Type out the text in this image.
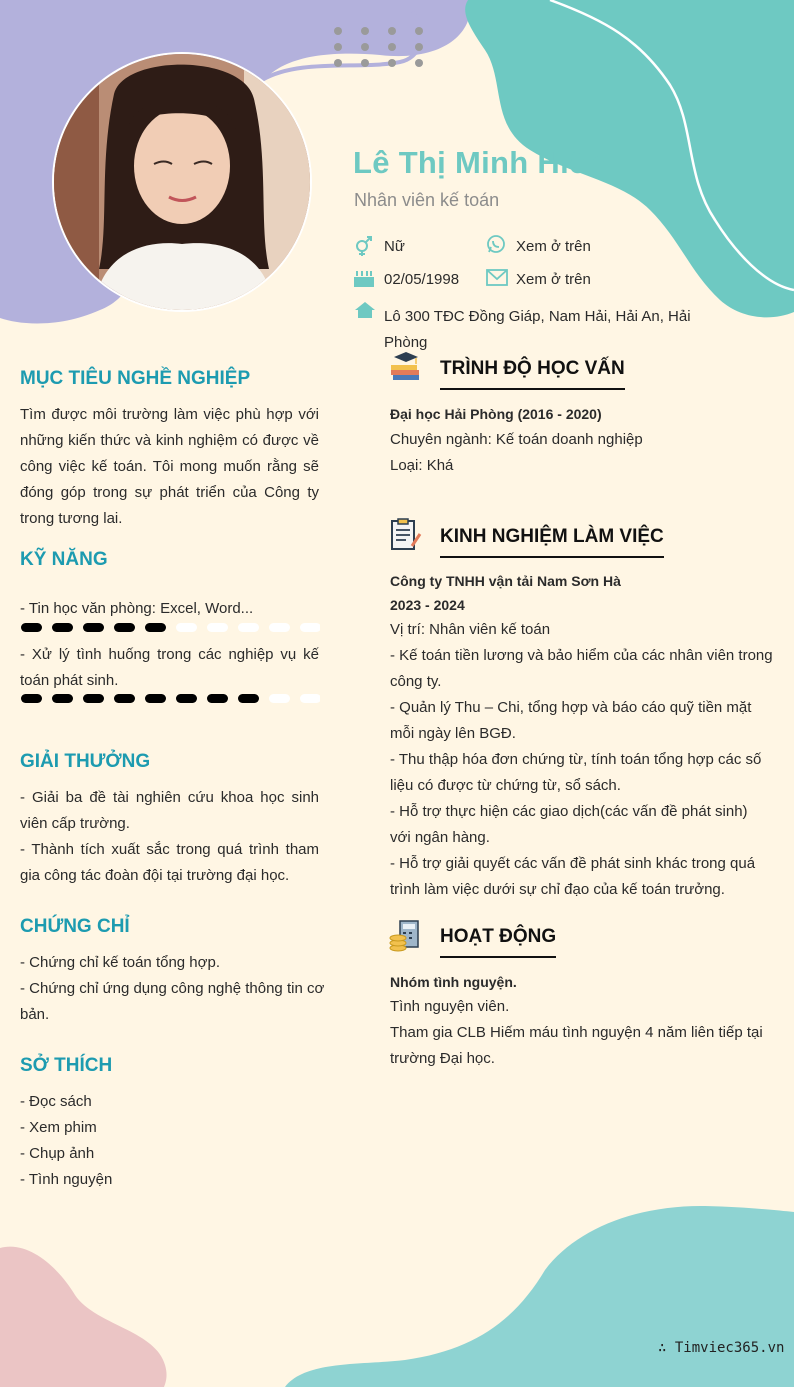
Lê Thị Minh Hiền
Nhân viên kế toán
Nữ	Xem ở trên
02/05/1998	Xem ở trên
Lô 300 TĐC Đồng Giáp, Nam Hải, Hải An, Hải
Phòng
MỤC TIÊU NGHỀ NGHIỆP
Tìm được môi trường làm việc phù hợp với
những kiến thức và kinh nghiệm có được về
công việc kế toán. Tôi mong muốn rằng sẽ
đóng góp trong sự phát triển của Công ty
trong tương lai.
KỸ NĂNG
- Tin học văn phòng: Excel, Word...
- Xử lý tình huống trong các nghiệp vụ kế
toán phát sinh.
GIẢI THƯỞNG
- Giải ba đề tài nghiên cứu khoa học sinh
viên cấp trường.
- Thành tích xuất sắc trong quá trình tham
gia công tác đoàn đội tại trường đại học.
CHỨNG CHỈ
- Chứng chỉ kế toán tổng hợp.
- Chứng chỉ ứng dụng công nghệ thông tin cơ
bản.
SỞ THÍCH
- Đọc sách
- Xem phim
- Chụp ảnh
- Tình nguyện
TRÌNH ĐỘ HỌC VẤN
Đại học Hải Phòng (2016 - 2020)
Chuyên ngành: Kế toán doanh nghiệp
Loại: Khá
KINH NGHIỆM LÀM VIỆC
Công ty TNHH vận tải Nam Sơn Hà
2023 - 2024
Vị trí: Nhân viên kế toán
- Kế toán tiền lương và bảo hiểm của các nhân viên trong
công ty.
- Quản lý Thu – Chi, tổng hợp và báo cáo quỹ tiền mặt
mỗi ngày lên BGĐ.
- Thu thập hóa đơn chứng từ, tính toán tổng hợp các số
liệu có được từ chứng từ, sổ sách.
- Hỗ trợ thực hiện các giao dịch(các vấn đề phát sinh)
với ngân hàng.
- Hỗ trợ giải quyết các vấn đề phát sinh khác trong quá
trình làm việc dưới sự chỉ đạo của kế toán trưởng.
HOẠT ĐỘNG
Nhóm tình nguyện.
Tình nguyện viên.
Tham gia CLB Hiếm máu tình nguyện 4 năm liên tiếp tại
trường Đại học.
∴ Timviec365.vn
